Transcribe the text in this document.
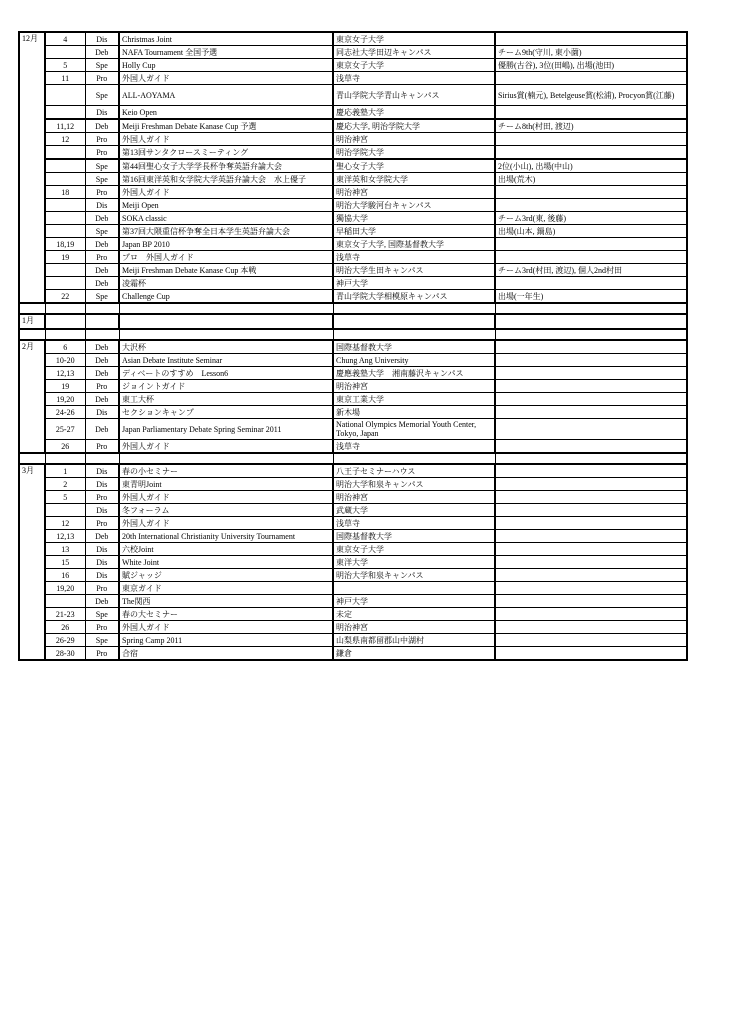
12月	4	Dis	Christmas Joint	東京女子大学	
		Deb	NAFA Tournament 全国予選	同志社大学田辺キャンパス	チーム9th(守川, 東小薗)
	5	Spe	Holly Cup	東京女子大学	優勝(古谷), 3位(田嶋), 出場(池田)
	11	Pro	外国人ガイド	浅草寺	
		Spe	ALL-AOYAMA	青山学院大学青山キャンパス	Sirius賞(楠元), Betelgeuse賞(松浦), Procyon賞(江藤)
		Dis	Keio Open	慶応義塾大学	
	11,12	Deb	Meiji Freshman Debate Kanase Cup 予選	慶応大学, 明治学院大学	チーム8th(村田, 渡辺)
	12	Pro	外国人ガイド	明治神宮	
		Pro	第13回サンタクロースミーティング	明治学院大学	
		Spe	第44回聖心女子大学学長杯争奪英語弁論大会	聖心女子大学	2位(小山), 出場(中山)
		Spe	第16回東洋英和女学院大学英語弁論大会　水上優子	東洋英和女学院大学	出場(荒木)
	18	Pro	外国人ガイド	明治神宮	
		Dis	Meiji Open	明治大学駿河台キャンパス	
		Deb	SOKA classic	獨協大学	チーム3rd(東, 後藤)
		Spe	第37回大隈重信杯争奪全日本学生英語弁論大会	早稲田大学	出場(山本, 鍋島)
	18,19	Deb	Japan BP 2010	東京女子大学, 国際基督教大学	
	19	Pro	プロ　外国人ガイド	浅草寺	
		Deb	Meiji Freshman Debate Kanase Cup 本戦	明治大学生田キャンパス	チーム3rd(村田, 渡辺), 個人2nd村田
		Deb	凌霜杯	神戸大学	
	22	Spe	Challenge Cup	青山学院大学相模原キャンパス	出場(一年生)

1月					

2月	6	Deb	大沢杯	国際基督教大学	
	10-20	Deb	Asian Debate Institute Seminar	Chung Ang University	
	12,13	Deb	ディベートのすすめ　Lesson6	慶應義塾大学　湘南藤沢キャンパス	
	19	Pro	ジョイントガイド	明治神宮	
	19,20	Deb	東工大杯	東京工業大学	
	24-26	Dis	セクションキャンプ	新木場	
	25-27	Deb	Japan Parliamentary Debate Spring Seminar 2011	National Olympics Memorial Youth Center, Tokyo, Japan	
	26	Pro	外国人ガイド	浅草寺	

3月	1	Dis	春の小セミナー	八王子セミナーハウス	
	2	Dis	東青明Joint	明治大学和泉キャンパス	
	5	Pro	外国人ガイド	明治神宮	
		Dis	冬フォーラム	武蔵大学	
	12	Pro	外国人ガイド	浅草寺	
	12,13	Deb	20th International Christianity University Tournament	国際基督教大学	
	13	Dis	六校Joint	東京女子大学	
	15	Dis	White Joint	東洋大学	
	16	Dis	賦ジャッジ	明治大学和泉キャンパス	
	19,20	Pro	東京ガイド		
		Deb	The関西	神戸大学	
	21-23	Spe	春の大セミナー	未定	
	26	Pro	外国人ガイド	明治神宮	
	26-29	Spe	Spring Camp 2011	山梨県南都留郡山中湖村	
	28-30	Pro	合宿	鎌倉	
